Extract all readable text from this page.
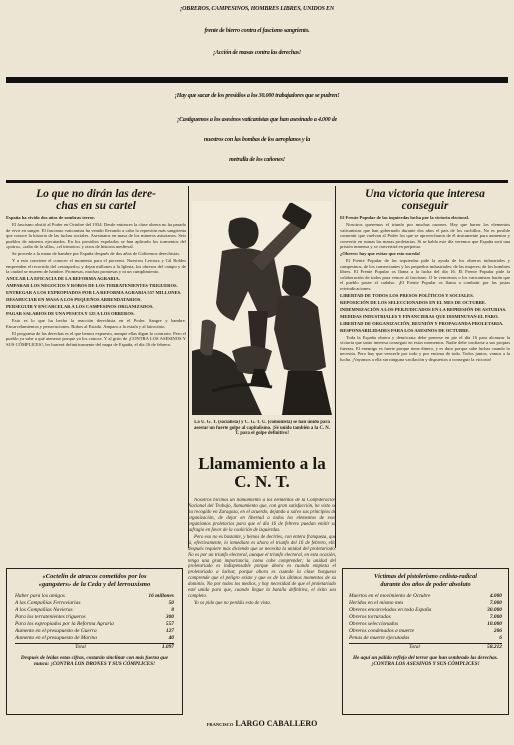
¡OBREROS, CAMPESINOS, HOMBRES LIBRES, UNIDOS EN
frente de hierro contra el fascismo sangriento.
¡Acción de masas contra las derechas!
¡Hay que sacar de los presidios a los 30.000 trabajadores que se pudren!
¡Castiguemos a los asesinos vaticanistas que han asesinado a 4.000 de
nuestros con las bombas de los aeroplanos y la
metralla de los cañones!
Lo que no dirán las dere-
chas en su cartel

España ha vivido dos años de sombras terror.

El fascismo obstió al Poder en Octubre del 1934. Desde entonces la clase obrera no ha pasado de vivir en sangre. El fascismo vaticanista ha venido llevando a cabo la represión más sangrienta que conoce la historia de las luchas sociales. Asesinatos en masa de los mineros asturianos. Seis pueblos de mineros ejecutados. En los presidios espolados se han aplicado los tormentos del «potro», «rabo de la silla», «el trimotor» y otros de historia medieval.

Se procede a la mano de hambre por España después de dos años de Gobiernos derechistas.

Y a esto conviene el conocer el momento para el porvenir. Nuestros Lerroux y Gil Robles emprenden el recorrido del «estraperlo» y dejan millones a la Iglesia, los obreros del campo y de la ciudad se mueren de hambre. Promesas, muchas promesas y ni un cumplimiento.

ANULAR LA EFICACIA DE LA REFORMA AGRARIA.

AMPARAR LOS NEGOCIOS Y ROBOS DE LOS TERRATENIENTES TRIGUEROS.

ENTREGAR A LOS EXPROPIADOS POR LA REFORMA AGRARIA 557 MILLONES.

DESAHUCIAR EN MASA A LOS PEQUEÑOS ARRENDATARIOS.

PERSEGUIR Y ENCARCELAR A LOS CAMPESINOS ORGANIZADOS.

PAGAR SALARIOS DE UNA PESETA Y 125 A LOS OBREROS.

Esto es lo que ha hecho la reacción derechista en el Poder. Sangre y hambre. Encarcelamientos y persecuciones. Robos al Estado. Amparo a la estafa y al latrocinio.

El programa de las derechas es el que hemos expuesto, aunque ellas digan lo contrario. Pero el pueblo ya sabe a qué atenerse porque ya los conoce. Y al grito de ¡CONTRA LOS ASESINOS Y SUS CÓMPLICES!, les barrerá definitivamente del mapa de España, el día 16 de febrero.

La U. G. T. (socialista) y C. G. T. U. (comunista) se han unido para asestar un fuerte golpe al capitalismo. ¡Sé unido también a la C. N. T. para el golpe definitivo!
Una victoria que interesa
conseguir

El Frente Popular de las izquierdas lucha por la victoria electoral.

Nosotros queremos el triunfo por muchas razones. Hay que barrer los elementos vaticanistas que han gobernado durante dos años el país de los cuchillos. No es posible consentir que vuelvan al Poder los que se aprovecharon de él únicamente para aumentar y convertir en ruinas las masas proletarias. Si se habla este día veremos que España será una prisión inmensa y se convertirá en perpetuo.

¿Obrero: hay que evitar que esto suceda!

El Frente Popular de las izquierdas pide la ayuda de los obreros industriales y campesinos, de los comerciantes y los pequeños industriales; de las mujeres; de los hombres libres. El Frente Popular os llama a la lucha del día 16. El Frente Popular pide la colaboración de todos para vencer al fascismo. O le vencemos o los vaticanistas harán que el pueblo pasee al cadalso. ¡El Frente Popular os llama a combatir por las justas reivindicaciones:

LIBERTAD DE TODOS LOS PRESOS POLÍTICOS Y SOCIALES.

REPOSICIÓN DE LOS SELECCIONADOS EN EL MES DE OCTUBRE.

INDEMNIZACIÓN A LOS PERJUDICADOS EN LA REPRESIÓN DE ASTURIAS.

MEDIDAS INDUSTRIALES Y FINANCIERAS QUE DISMINUYAN EL PARO.

LIBERTAD DE ORGANIZACIÓN, REUNIÓN Y PROPAGANDA PROLETARIA.

RESPONSABILIDADES PARA LOS ASESINOS DE OCTUBRE.

Toda la España obrera y demócrata debe ponerse en pie el día 16 para alcanzar la victoria que tanto interesa conseguir en estos momentos. Nadie debe confiarse a sus propias fuerzas. El enemigo es fuerte porque tiene dinero, y es duro porque sabe luchar cuando lo necesita. Pero hay que vencerle por todo y por encima de todo. Todos juntos, vamos a la lucha. ¡Vayamos a ella sin ninguna vacilación y dispuestos a conseguir la victoria!

Llamamiento a la
C. N. T.

Nosotros hicimos un llamamiento a los elementos de la Confederación Nacional del Trabajo, llamamiento que, con gran satisfacción, he visto se ha recogido en Zaragoza, en el acuerdo, dejando a salvo sus principios de organización, de dejar en libertad a todos los elementos de esos organismos proletarios para que el día 16 de febrero puedan emitir su sufragio en favor de la coalición de izquierdas.

Pero eso no es bastante, y hemos de decirles, con entera franqueza, que si, efectivamente, lo inmediato es ahora el triunfo del 16 de febrero, ello después requiere más diciendo que se necesita la unidad del proletariado. No es por un triunfo electoral, aunque el triunfo electoral, en esta ocasión, tenga una gran importancia, como cabe comprender; la unidad del proletariado es indispensable porque ahora es cuando empieza el proletariado a luchar, porque ahora es cuando la clase burguesa comprende que el peligro existe y que es de los últimos momentos de su dominio. No por todos los medios, y hay necesidad de que el proletariado esté unido para que, cuando llegue la batalla definitiva, el éxito sea completo.

Yo os pido que no perdáis esto de vista.

FRANCISCO LARGO CABALLERO
«Coctelin de atracos cometidos por los
«gangsters» de la Ceda y del lerrouxismo
Haber para los amigos	16 millones
A las Compañías Ferroviarias	50
A los Compañías Navieras	8
Para los terratenientes trigueros	300
Para los expropiados por la Reforma Agraria	557
Aumento en el presupuesto de Guerra	127
Aumento en el presupuesto de Marina	40
Total	1.097
Después de leídas estas cifras, costarán sinclinar con más fuerza que nunca: ¡CONTRA LOS DRONES Y SUS CÓMPLICES!
Víctimas del pistolerismo cedista-radical
durante dos años de poder absoluto
Muertos en el movimiento de Octubre	4.000
Heridos en el mismo mes	7.000
Obreros encarcelados en toda España	30.000
Obreros torturados	7.000
Obreros seleccionados	10.000
Obreros condenados a muerte	206
Penas de muerte ejecutadas	6
Total	58.212
He aquí un pálido reflejo del terror que han sembrado las derechas. ¡CONTRA LOS ASESINOS Y SUS CÓMPLICES!
